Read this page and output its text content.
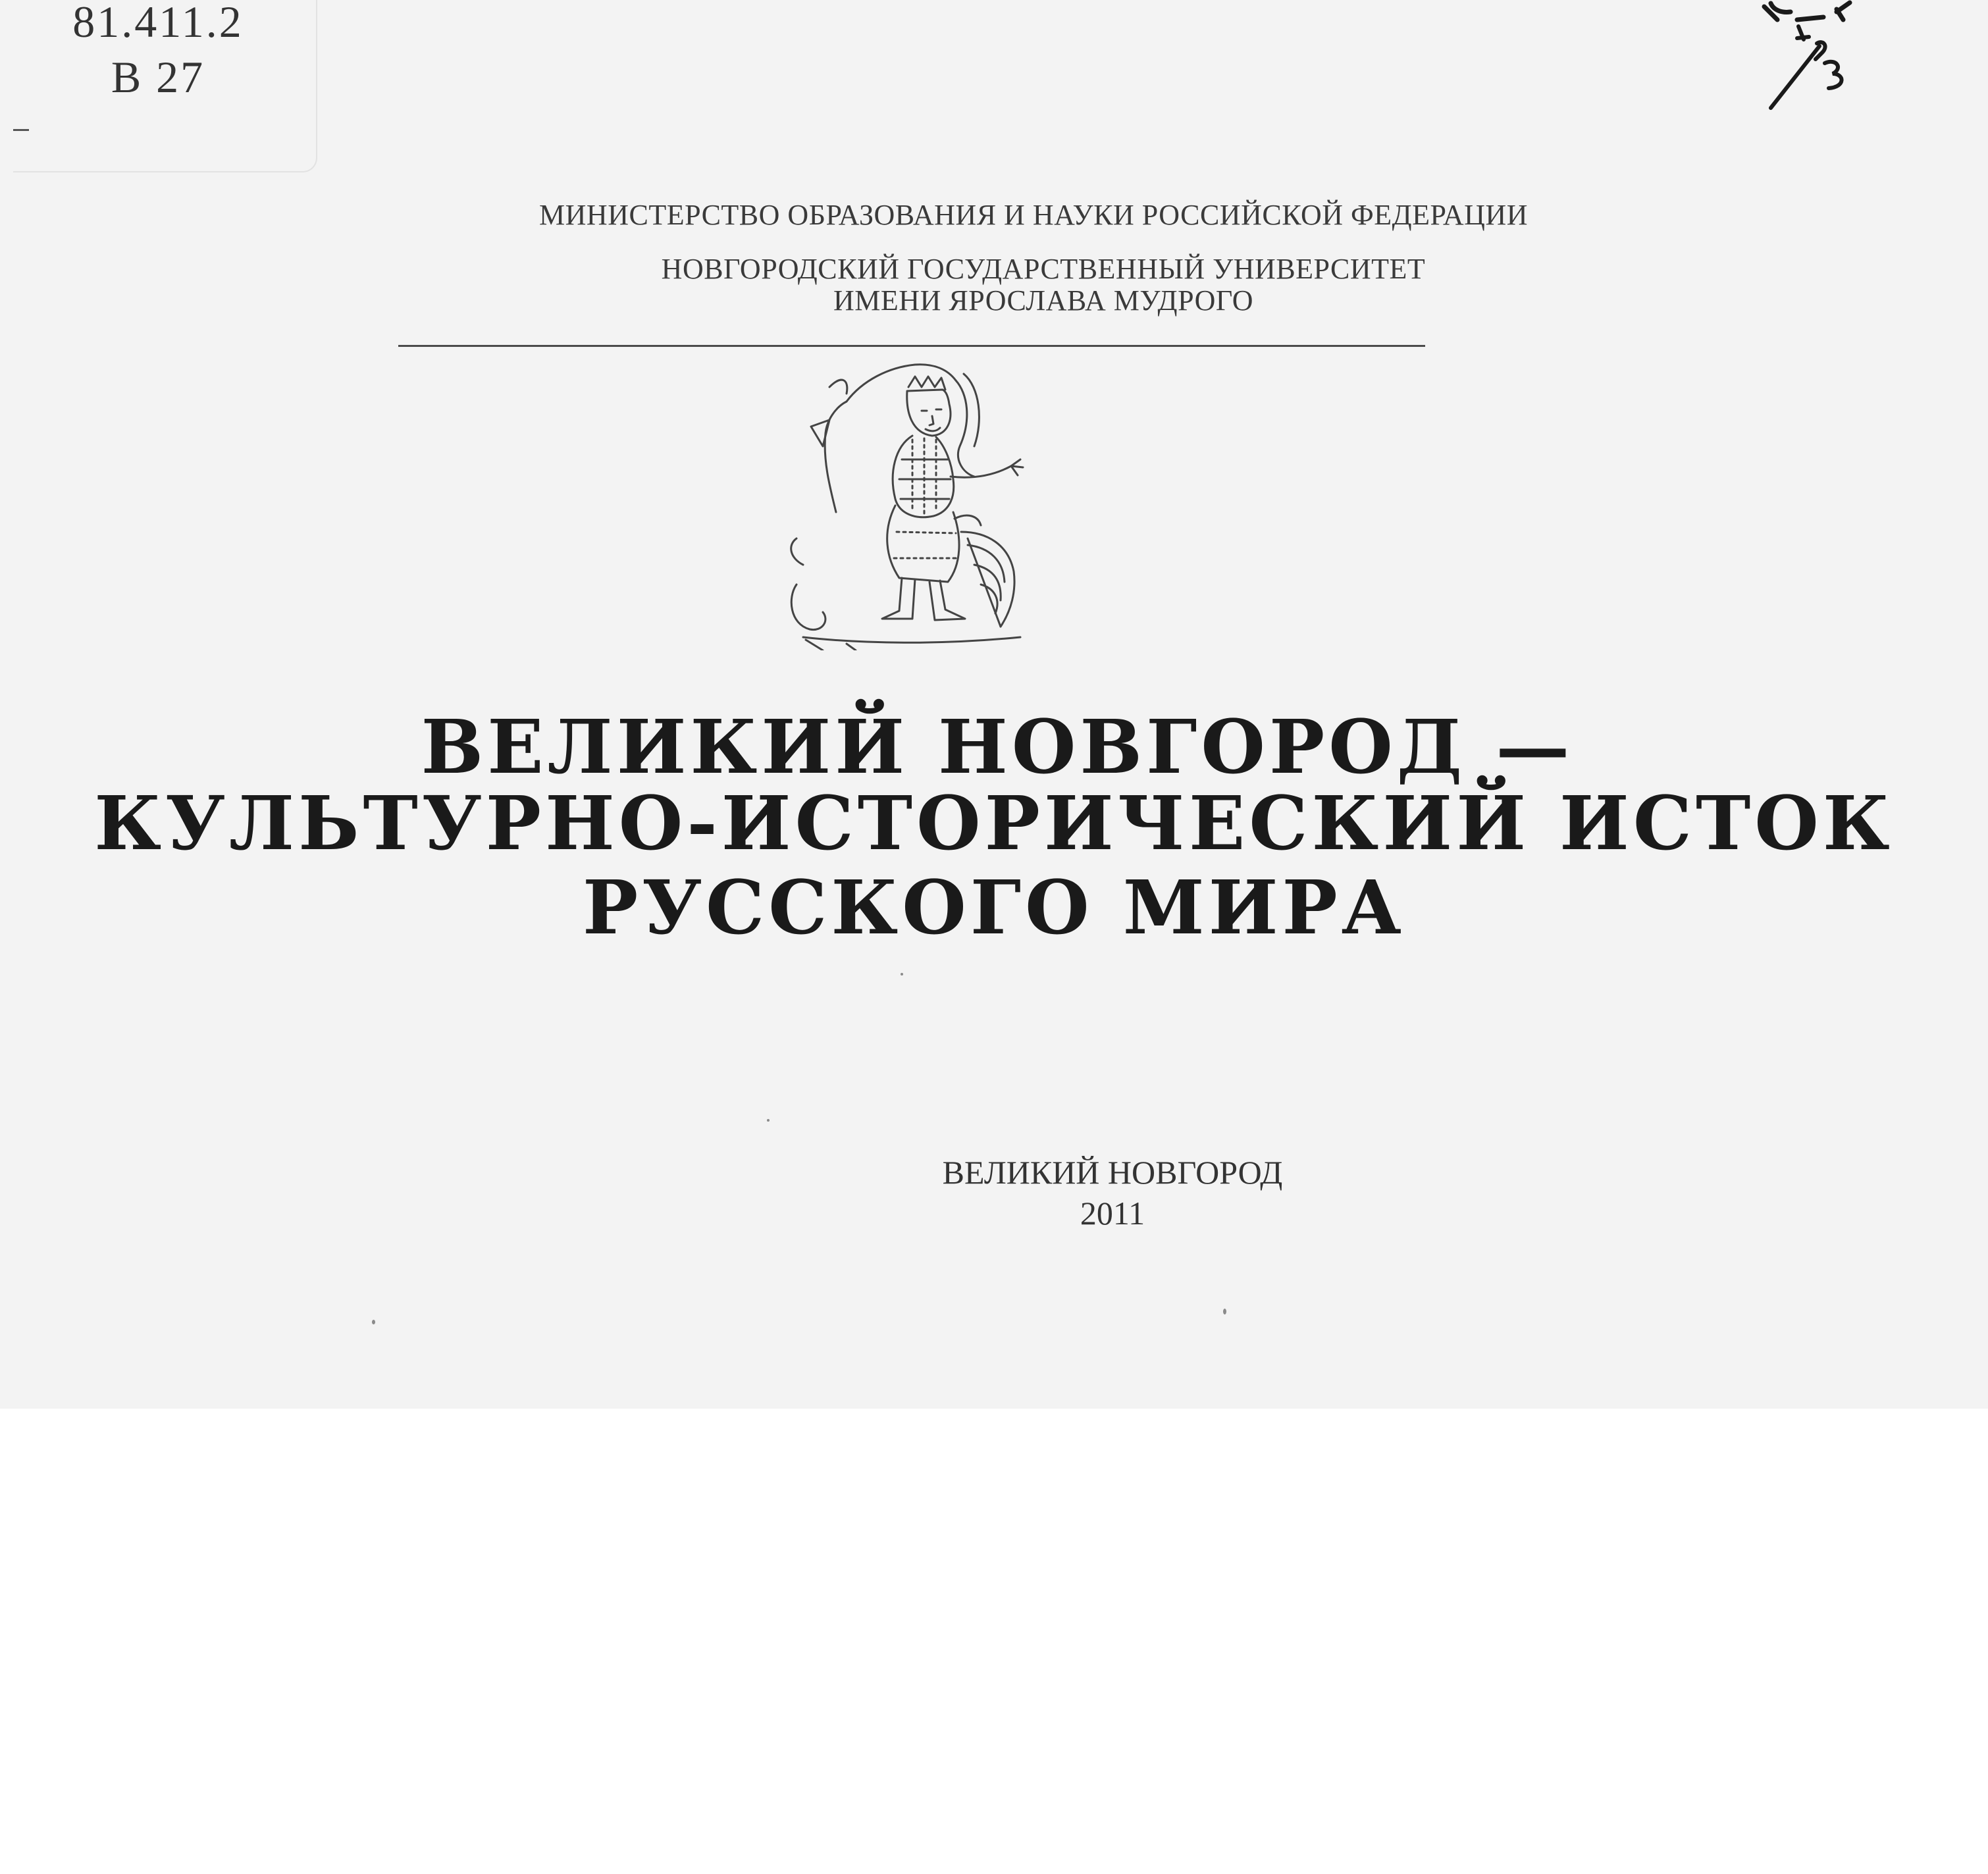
81.411.2
В 27
МИНИСТЕРСТВО ОБРАЗОВАНИЯ И НАУКИ РОССИЙСКОЙ ФЕДЕРАЦИИ
НОВГОРОДСКИЙ ГОСУДАРСТВЕННЫЙ УНИВЕРСИТЕТ
ИМЕНИ ЯРОСЛАВА МУДРОГО
ВЕЛИКИЙ НОВГОРОД —
КУЛЬТУРНО-ИСТОРИЧЕСКИЙ ИСТОК
РУССКОГО МИРА
ВЕЛИКИЙ НОВГОРОД
2011
